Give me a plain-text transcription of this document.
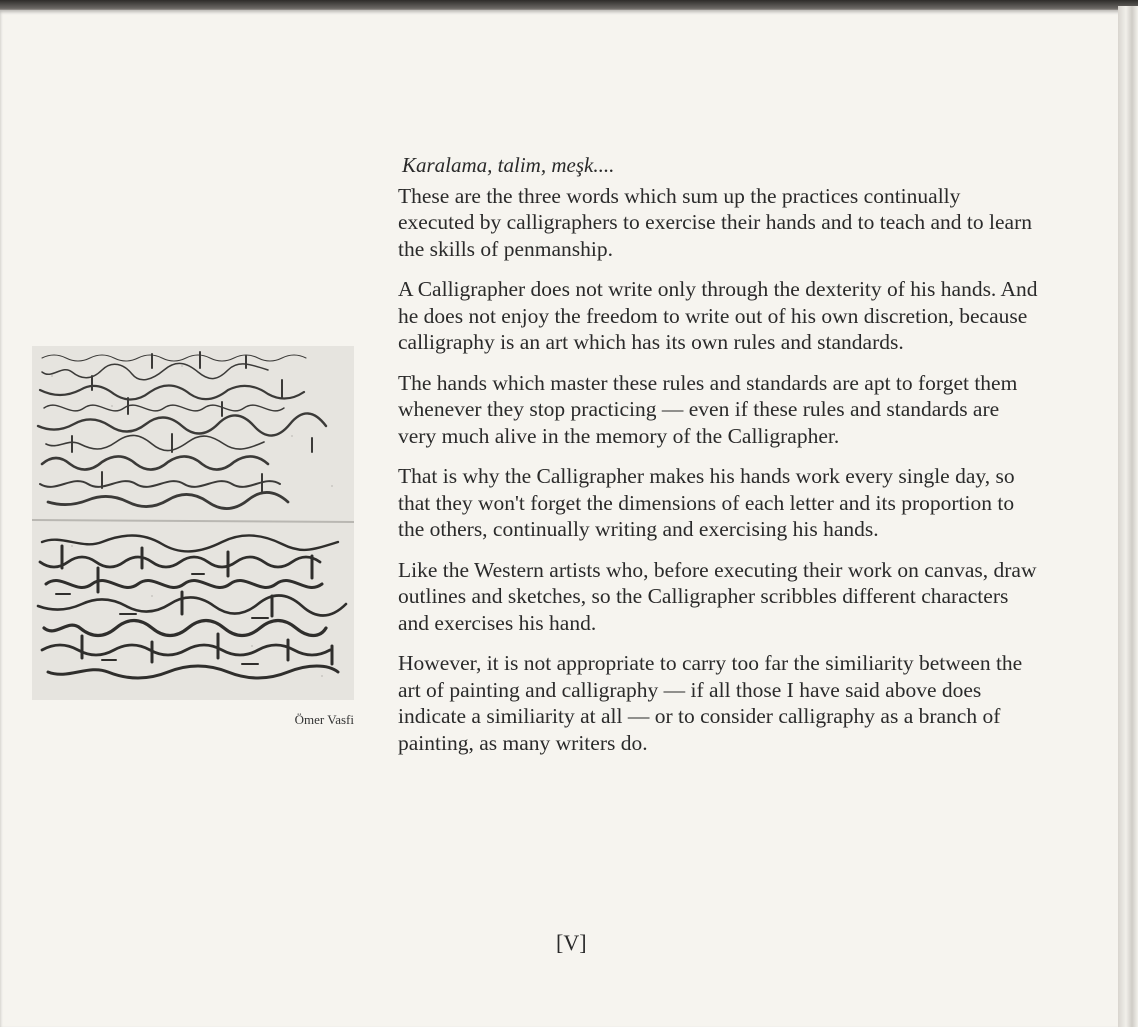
Ömer Vasfi

Karalama, talim, meşk....

These are the three words which sum up the practices continually executed by calligraphers to exercise their hands and to teach and to learn the skills of penmanship.

A Calligrapher does not write only through the dexterity of his hands. And he does not enjoy the freedom to write out of his own discretion, because calligraphy is an art which has its own rules and standards.

The hands which master these rules and standards are apt to forget them whenever they stop practicing — even if these rules and standards are very much alive in the memory of the Calligrapher.

That is why the Calligrapher makes his hands work every single day, so that they won't forget the dimensions of each letter and its proportion to the others, continually writing and exercising his hands.

Like the Western artists who, before executing their work on canvas, draw outlines and sketches, so the Calligrapher scribbles different characters and exercises his hand.

However, it is not appropriate to carry too far the similiarity between the art of painting and calligraphy — if all those I have said above does indicate a similiarity at all — or to consider calligraphy as a branch of painting, as many writers do.

[V]
